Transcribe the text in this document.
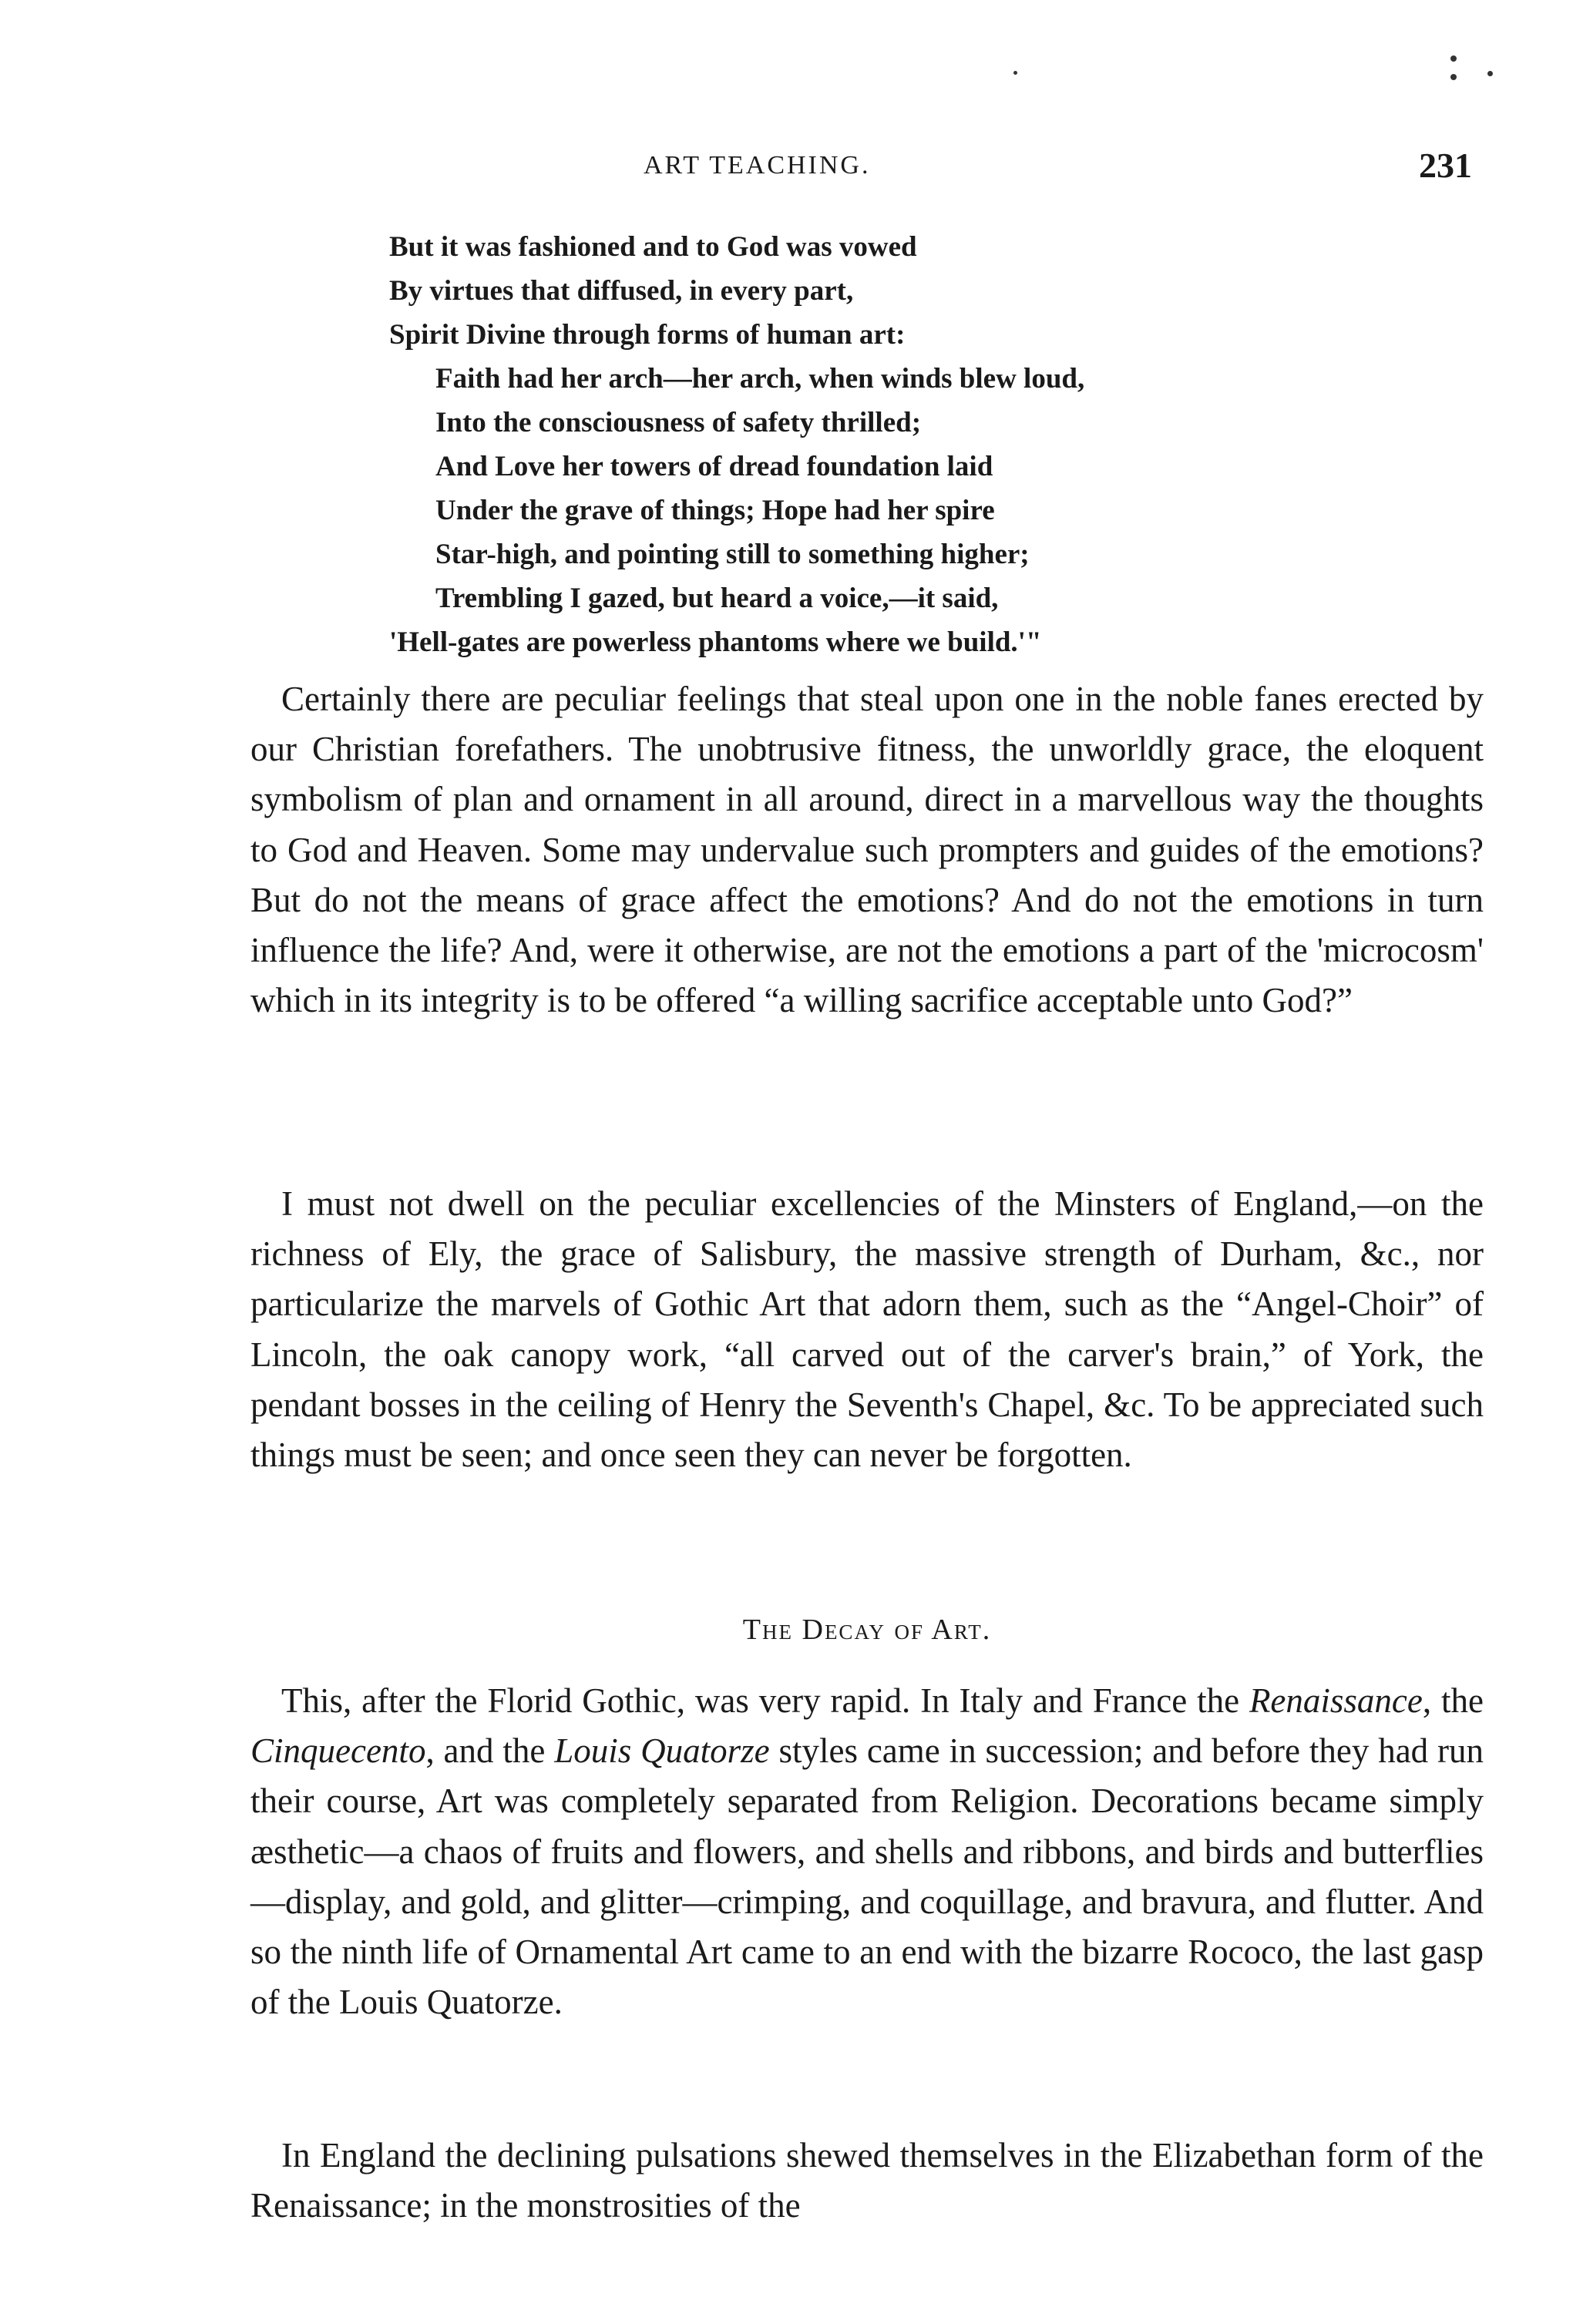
ART TEACHING.	231
But it was fashioned and to God was vowed
By virtues that diffused, in every part,
Spirit Divine through forms of human art:
Faith had her arch—her arch, when winds blew loud,
Into the consciousness of safety thrilled;
And Love her towers of dread foundation laid
Under the grave of things; Hope had her spire
Star-high, and pointing still to something higher;
Trembling I gazed, but heard a voice,—it said,
'Hell-gates are powerless phantoms where we build.'"

Certainly there are peculiar feelings that steal upon one in the noble fanes erected by our Christian forefathers. The unobtrusive fitness, the unworldly grace, the eloquent symbolism of plan and ornament in all around, direct in a marvellous way the thoughts to God and Heaven. Some may undervalue such prompters and guides of the emotions? But do not the means of grace affect the emotions? And do not the emotions in turn influence the life? And, were it otherwise, are not the emotions a part of the 'microcosm' which in its integrity is to be offered “a willing sacrifice acceptable unto God?”

I must not dwell on the peculiar excellencies of the Minsters of England,—on the richness of Ely, the grace of Salisbury, the massive strength of Durham, &c., nor particularize the marvels of Gothic Art that adorn them, such as the “Angel-Choir” of Lincoln, the oak canopy work, “all carved out of the carver's brain,” of York, the pendant bosses in the ceiling of Henry the Seventh's Chapel, &c. To be appreciated such things must be seen; and once seen they can never be forgotten.

The Decay of Art.

This, after the Florid Gothic, was very rapid. In Italy and France the Renaissance, the Cinquecento, and the Louis Quatorze styles came in succession; and before they had run their course, Art was completely separated from Religion. Decorations became simply æsthetic—a chaos of fruits and flowers, and shells and ribbons, and birds and butterflies—display, and gold, and glitter—crimping, and coquillage, and bravura, and flutter. And so the ninth life of Ornamental Art came to an end with the bizarre Rococo, the last gasp of the Louis Quatorze.

In England the declining pulsations shewed themselves in the Elizabethan form of the Renaissance; in the monstrosities of the
